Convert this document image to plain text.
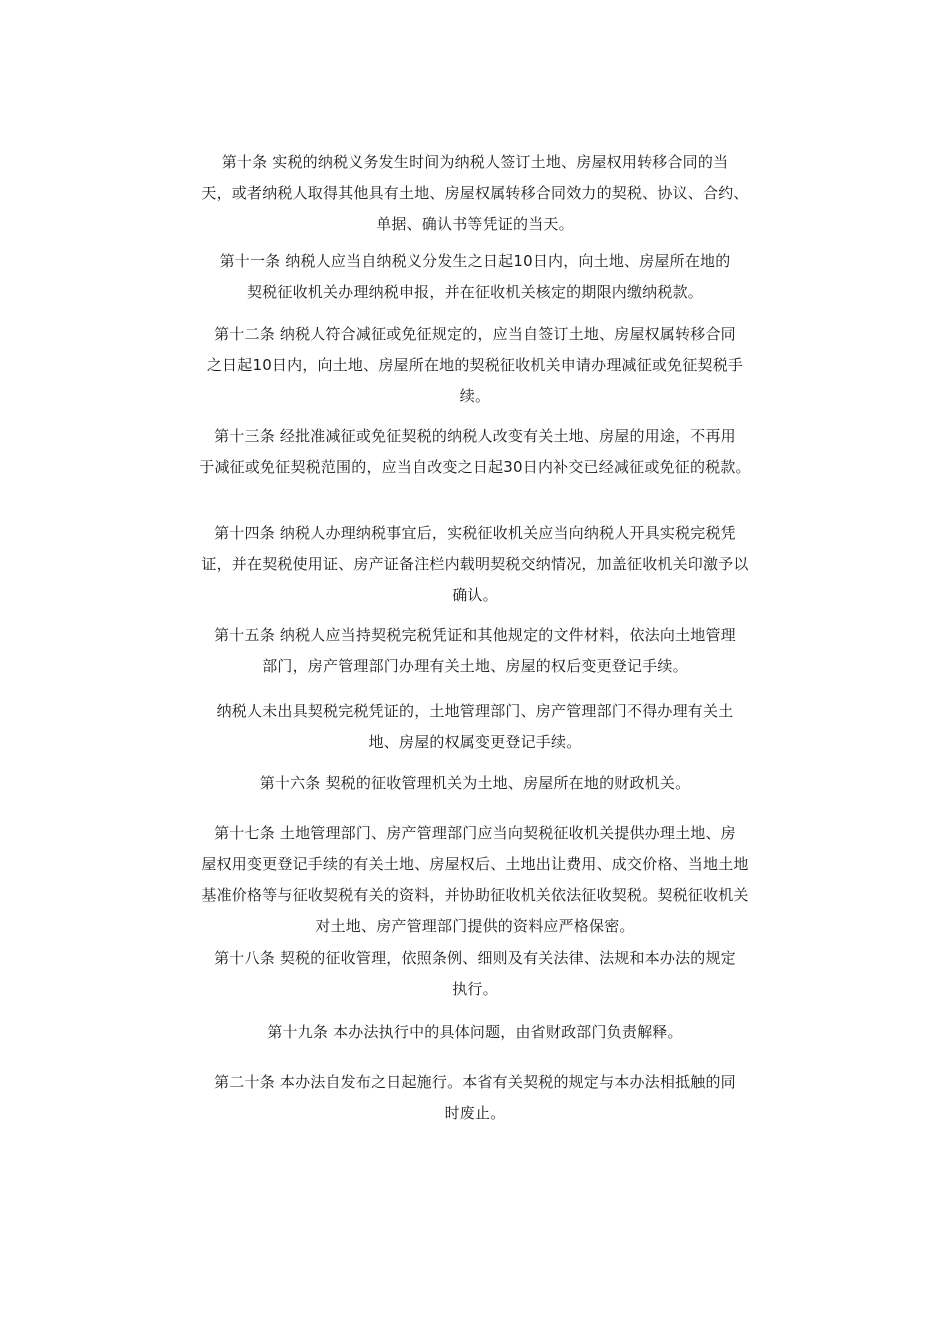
第十条 实税的纳税义务发生时间为纳税人签订土地、房屋权用转移合同的当
天，或者纳税人取得其他具有土地、房屋权属转移合同效力的契税、协议、合约、
单据、确认书等凭证的当天。

第十一条 纳税人应当自纳税义分发生之日起10日内，向土地、房屋所在地的
契税征收机关办理纳税申报，并在征收机关核定的期限内缴纳税款。

第十二条 纳税人符合减征或免征规定的，应当自签订土地、房屋权属转移合同
之日起10日内，向土地、房屋所在地的契税征收机关申请办理减征或免征契税手
续。

第十三条 经批准减征或免征契税的纳税人改变有关土地、房屋的用途，不再用
于减征或免征契税范围的，应当自改变之日起30日内补交已经减征或免征的税款。

第十四条 纳税人办理纳税事宜后，实税征收机关应当向纳税人开具实税完税凭
证，并在契税使用证、房产证备注栏内载明契税交纳情况，加盖征收机关印激予以
确认。

第十五条 纳税人应当持契税完税凭证和其他规定的文件材料，依法向土地管理
部门，房产管理部门办理有关土地、房屋的权后变更登记手续。

纳税人未出具契税完税凭证的，土地管理部门、房产管理部门不得办理有关土
地、房屋的权属变更登记手续。

第十六条 契税的征收管理机关为土地、房屋所在地的财政机关。

第十七条 土地管理部门、房产管理部门应当向契税征收机关提供办理土地、房
屋权用变更登记手续的有关土地、房屋权后、土地出让费用、成交价格、当地土地
基准价格等与征收契税有关的资料，并协助征收机关依法征收契税。契税征收机关
对土地、房产管理部门提供的资料应严格保密。

第十八条 契税的征收管理，依照条例、细则及有关法律、法规和本办法的规定
执行。

第十九条 本办法执行中的具体问题，由省财政部门负责解释。

第二十条 本办法自发布之日起施行。本省有关契税的规定与本办法相抵触的同
时废止。
